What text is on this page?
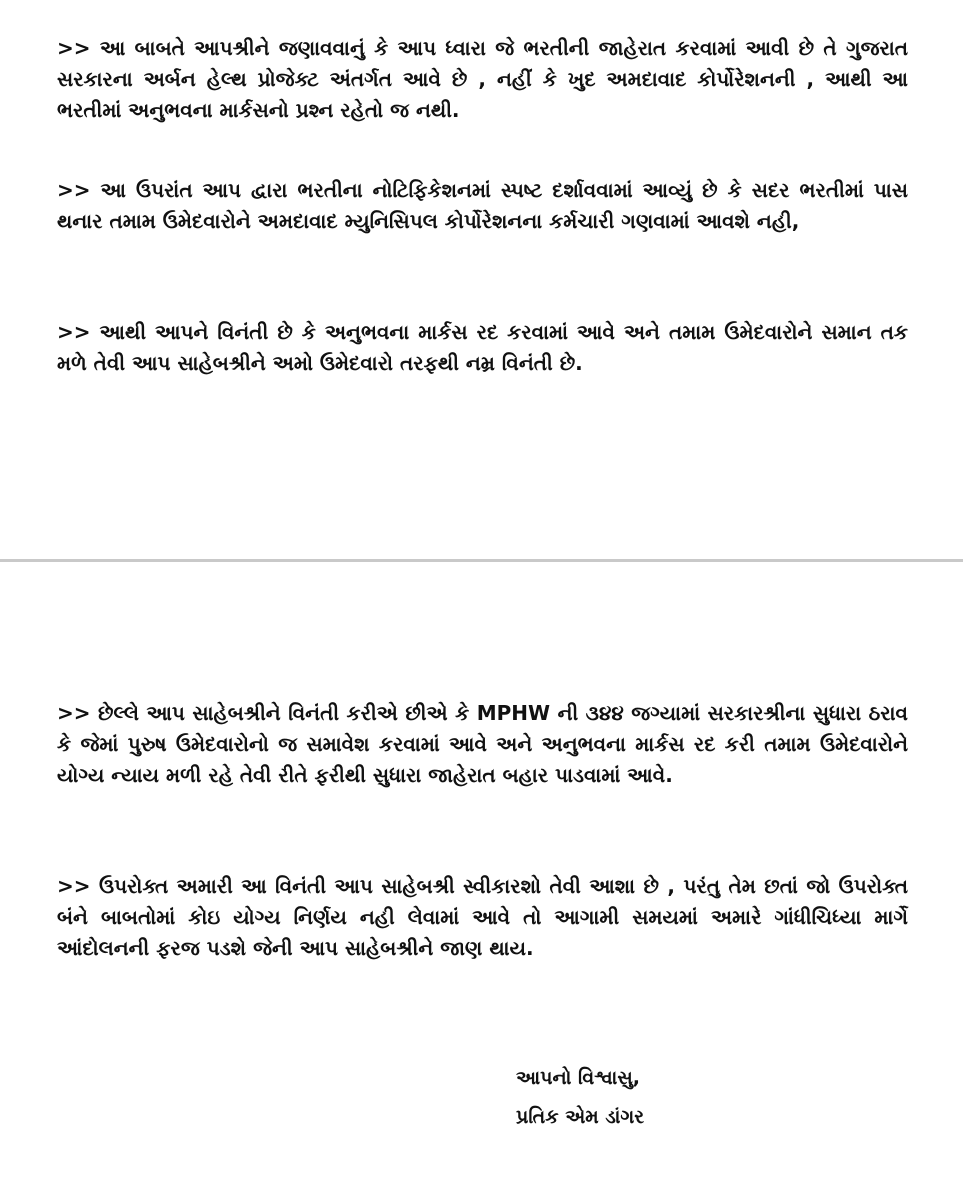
>> આ બાબતે આપશ્રીને જણાવવાનું કે આપ ધ્વારા જે ભરતીની જાહેરાત કરવામાં આવી છે તે ગુજરાત સરકારના અર્બન હેલ્થ પ્રોજેક્ટ અંતર્ગત આવે છે , નહીં કે ખુદ અમદાવાદ કોર્પોરેશનની , આથી આ ભરતીમાં અનુભવના માર્કસનો પ્રશ્ન રહેતો જ નથી.

>> આ ઉપરાંત આપ દ્વારા ભરતીના નોટિફિકેશનમાં સ્પષ્ટ દર્શાવવામાં આવ્યું છે કે સદર ભરતીમાં પાસ થનાર તમામ ઉમેદવારોને અમદાવાદ મ્યુનિસિપલ કોર્પોરેશનના કર્મચારી ગણવામાં આવશે નહી,

>> આથી આપને વિનંતી છે કે અનુભવના માર્કસ રદ કરવામાં આવે અને તમામ ઉમેદવારોને સમાન તક મળે તેવી આપ સાહેબશ્રીને અમો ઉમેદવારો તરફથી નમ્ર વિનંતી છે.

>> છેલ્લે આપ સાહેબશ્રીને વિનંતી કરીએ છીએ કે MPHW ની ૩૪૪ જગ્યામાં સરકારશ્રીના સુધારા ઠરાવ કે જેમાં પુરુષ ઉમેદવારોનો જ સમાવેશ કરવામાં આવે અને અનુભવના માર્કસ રદ કરી તમામ ઉમેદવારોને યોગ્ય ન્યાય મળી રહે તેવી રીતે ફરીથી સુધારા જાહેરાત બહાર પાડવામાં આવે.

>> ઉપરોક્ત અમારી આ વિનંતી આપ સાહેબશ્રી સ્વીકારશો તેવી આશા છે , પરંતુ તેમ છતાં જો ઉપરોક્ત બંને બાબતોમાં કોઇ યોગ્ય નિર્ણય નહી લેવામાં આવે તો આગામી સમયમાં અમારે ગાંધીચિધ્યા માર્ગે આંદોલનની ફરજ પડશે જેની આપ સાહેબશ્રીને જાણ થાય.

આપનો વિશ્વાસુ,
પ્રતિક એમ ડાંગર
